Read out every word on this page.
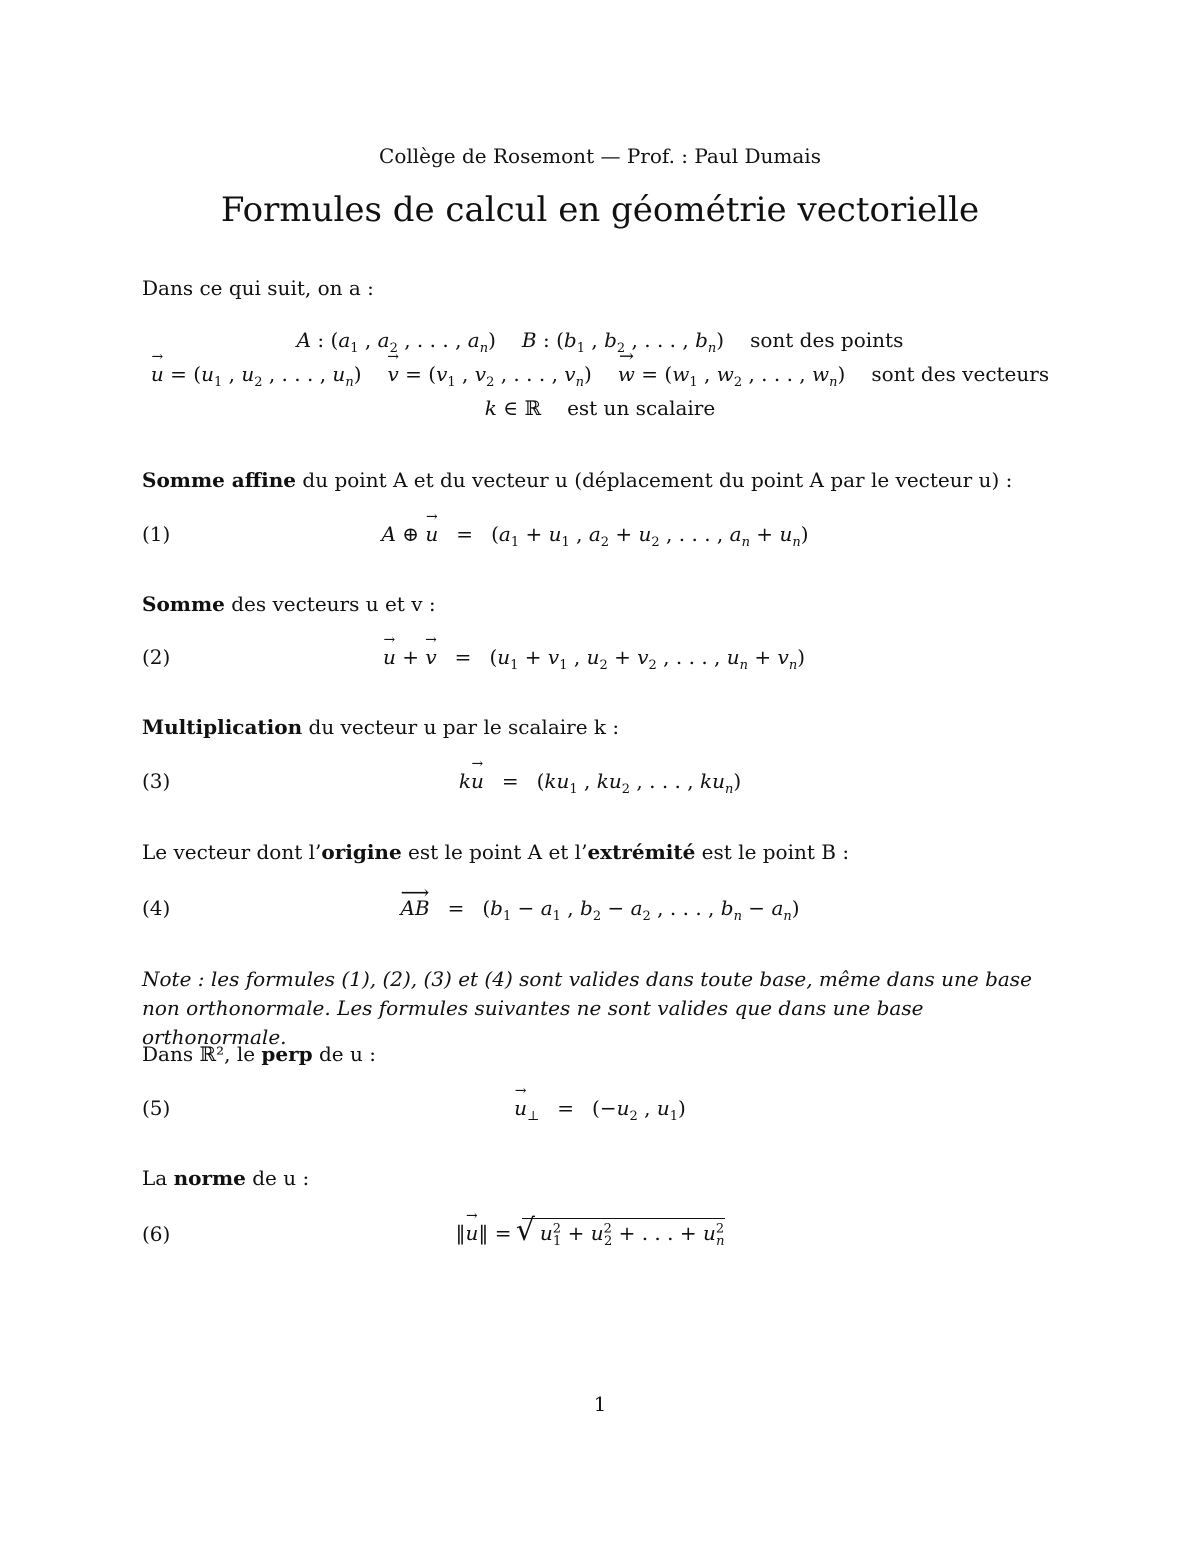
Collège de Rosemont — Prof. : Paul Dumais
Formules de calcul en géométrie vectorielle
Dans ce qui suit, on a :
A : ($a_1$ , $a_2$ , . . . , $a_n$) B : ($b_1$ , $b_2$ , . . . , $b_n$) sont des points
→ $u = (u_1$ , $u_2$ , . . . , $u_n) \to v = (v_1$ , $v_2$ , . . . , $v_n) \to w = (w_1$ , $w_2$ , . . . , $w_n$) sont des vecteurs
k ∈ ℝ est un scalaire
Somme affine du point A et du vecteur u (déplacement du point A par le vecteur u) :
(1)	A ⊕ → $u = (a_1 + u_1$ , $a_2 + u_2$ , . . . , $a_n + u_n$)
Somme des vecteurs u et v :
(2)	→ u + → $v = (u_1 + v_1$ , $u_2 + v_2$ , . . . , $u_n + v_n$)
Multiplication du vecteur u par le scalaire k :
(3)	$k\to u = (ku_1$ , $ku_2$ , . . . , $ku_n$)
Le vecteur dont l’origine est le point A et l’extrémité est le point B :
(4)	⟶ AB = ($b_1 - a_1$ , $b_2 - a_2$ , . . . , $b_n - a_n$)
Note : les formules (1), (2), (3) et (4) sont valides dans toute base, même dans une base non orthonormale. Les formules suivantes ne sont valides que dans une base orthonormale.
Dans ℝ², le perp de u :
(5)	→ $u_\perp = (-u_2$ , $u_1$)
La norme de u :
(6)	‖→ u‖ = √ $u^2_1 + u^2_2$ + . . . + $u^2_n$
1
